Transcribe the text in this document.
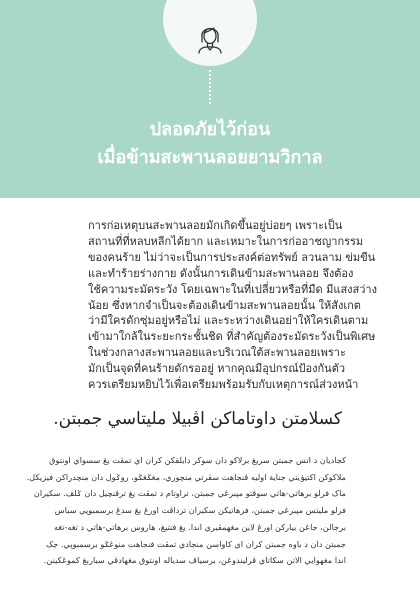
ปลอดภัยไว้ก่อน
เมื่อข้ามสะพานลอยยามวิกาล
การก่อเหตุบนสะพานลอยมักเกิดขึ้นอยู่บ่อยๆ เพราะเป็น
สถานที่ที่หลบหลีกได้ยาก และเหมาะในการก่ออาชญากรรม
ของคนร้าย ไม่ว่าจะเป็นการประสงค์ต่อทรัพย์ ลวนลาม ข่มขืน
และทำร้ายร่างกาย ดังนั้นการเดินข้ามสะพานลอย จึงต้อง
ใช้ความระมัดระวัง โดยเฉพาะในที่เปลี่ยวหรือที่มืด มีแสงสว่าง
น้อย ซึ่งหากจำเป็นจะต้องเดินข้ามสะพานลอยนั้น ให้สังเกต
ว่ามีใครดักซุ่มอยู่หรือไม่ และระหว่างเดินอย่าให้ใครเดินตาม
เข้ามาใกล้ในระยะกระชั้นชิด ที่สำคัญต้องระมัดระวังเป็นพิเศษ
ในช่วงกลางสะพานลอยและบริเวณใต้สะพานลอยเพราะ
มักเป็นจุดที่คนร้ายดักรออยู่ หากคุณมีอุปกรณ์ป้องกันตัว
ควรเตรียมหยิบไว้เพื่อเตรียมพร้อมรับกับเหตุการณ์ส่วงหน้า
كسلامتن داوتاماکن اڤبيلا مليتاسي جمبتن.
کجاديان د اتس جمبتن سريڠ برلاکو دان سوکر دايلقکن کران اي تمڤت يڠ سسواي اونتوق
ملاکوکن اکتيۏيتي جناية اوليه ڤنجاهت سڤرتي منچوري، مڠݢڠݢو، روݢول دان منچدراکن فيزيکل.
ماک فرلو برهاتي-هاتي سوقتو مڽبرڠي جمبتن، تراوتام د تمڤت يڠ ترڤنچيل دان ݢلڤ. سکيران
فرلو مليتس مڽبرڠي جمبتن، فرهاتيکن سکيران ترداڤت اورڠ يڠ سدڠ برسمبوڽي سباس
برجالن، جاڠن بياركن اورڠ لاين مڠهمڤيري اندا. يڠ فنتيڠ، هاروس برهاتي-هاتي د تڠه-تڠه
جمبتن دان د باوه جمبتن کران اي کاواسن منجادي تمڤت فنجاهت منوڠݢو برسمبوڽي. جک
اندا مڠهوايي الاتن سکاتاي ڤرليندوڠن، برسياڤ سدياله اونتوق مڠهادڤي سباربڠ کموڠکينن.
